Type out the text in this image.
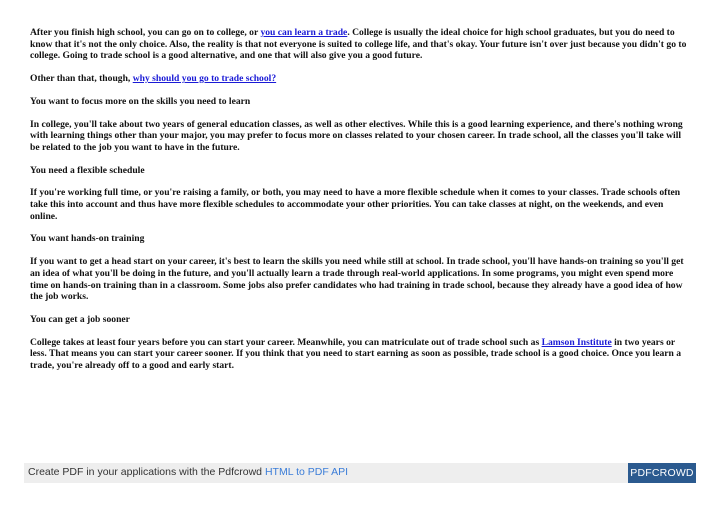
After you finish high school, you can go on to college, or you can learn a trade. College is usually the ideal choice for high school graduates, but you do need to know that it's not the only choice. Also, the reality is that not everyone is suited to college life, and that's okay. Your future isn't over just because you didn't go to college. Going to trade school is a good alternative, and one that will also give you a good future.

Other than that, though, why should you go to trade school?

You want to focus more on the skills you need to learn

In college, you'll take about two years of general education classes, as well as other electives. While this is a good learning experience, and there's nothing wrong with learning things other than your major, you may prefer to focus more on classes related to your chosen career. In trade school, all the classes you'll take will be related to the job you want to have in the future.

You need a flexible schedule

If you're working full time, or you're raising a family, or both, you may need to have a more flexible schedule when it comes to your classes. Trade schools often take this into account and thus have more flexible schedules to accommodate your other priorities. You can take classes at night, on the weekends, and even online.

You want hands-on training

If you want to get a head start on your career, it's best to learn the skills you need while still at school. In trade school, you'll have hands-on training so you'll get an idea of what you'll be doing in the future, and you'll actually learn a trade through real-world applications. In some programs, you might even spend more time on hands-on training than in a classroom. Some jobs also prefer candidates who had training in trade school, because they already have a good idea of how the job works.

You can get a job sooner

College takes at least four years before you can start your career. Meanwhile, you can matriculate out of trade school such as Lamson Institute in two years or less. That means you can start your career sooner. If you think that you need to start earning as soon as possible, trade school is a good choice. Once you learn a trade, you're already off to a good and early start.

Create PDF in your applications with the Pdfcrowd HTML to PDF API	PDFCROWD
